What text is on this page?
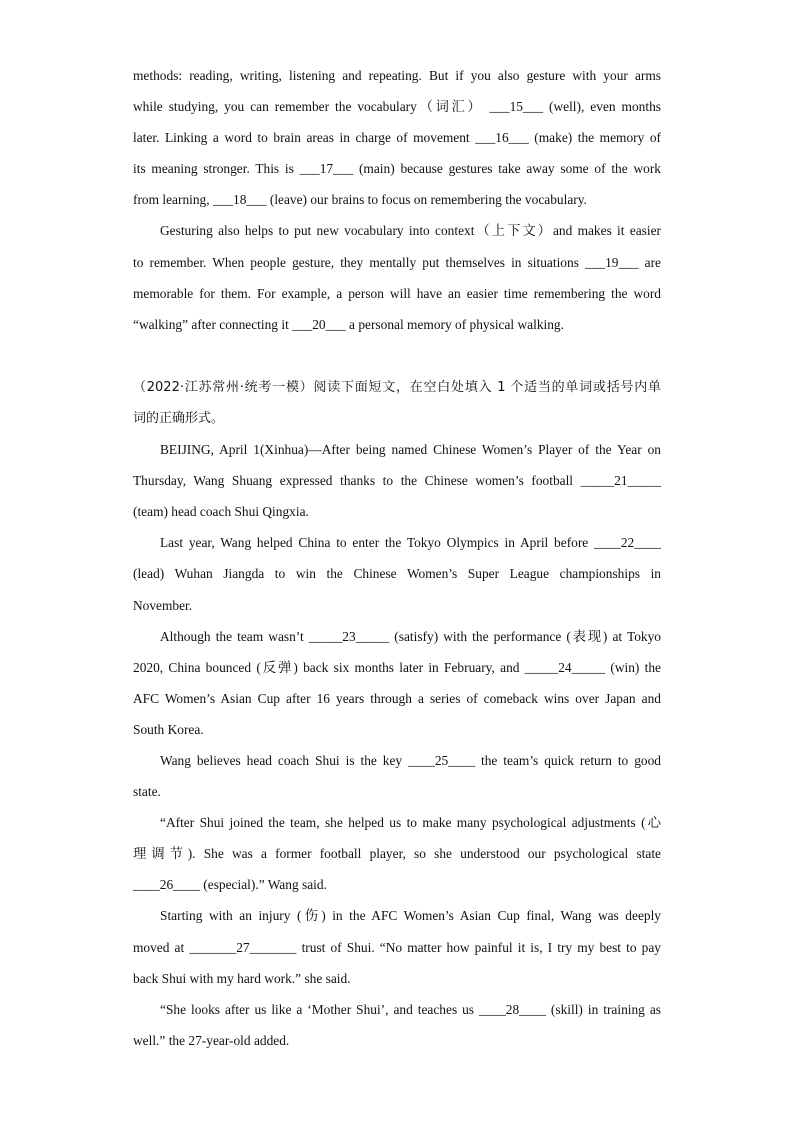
methods: reading, writing, listening and repeating. But if you also gesture with your arms
while studying, you can remember the vocabulary（词汇） ___15___ (well), even months
later. Linking a word to brain areas in charge of movement ___16___ (make) the memory of
its meaning stronger. This is ___17___ (main) because gestures take away some of the work
from learning, ___18___ (leave) our brains to focus on remembering the vocabulary.
Gesturing also helps to put new vocabulary into context（上下文）and makes it easier
to remember. When people gesture, they mentally put themselves in situations ___19___ are
memorable for them. For example, a person will have an easier time remembering the word
“walking” after connecting it ___20___ a personal memory of physical walking.
（2022·江苏常州·统考一模）阅读下面短文，在空白处填入 1 个适当的单词或括号内单
词的正确形式。
BEIJING, April 1(Xinhua)—After being named Chinese Women’s Player of the Year on
Thursday, Wang Shuang expressed thanks to the Chinese women’s football _____21_____
(team) head coach Shui Qingxia.
Last year, Wang helped China to enter the Tokyo Olympics in April before ____22____
(lead) Wuhan Jiangda to win the Chinese Women’s Super League championships in
November.
Although the team wasn’t _____23_____ (satisfy) with the performance (表现) at Tokyo
2020, China bounced (反弹) back six months later in February, and _____24_____ (win) the
AFC Women’s Asian Cup after 16 years through a series of comeback wins over Japan and
South Korea.
Wang believes head coach Shui is the key ____25____ the team’s quick return to good
state.
“After Shui joined the team, she helped us to make many psychological adjustments (心
理调节). She was a former football player, so she understood our psychological state
____26____ (especial).” Wang said.
Starting with an injury (伤) in the AFC Women’s Asian Cup final, Wang was deeply
moved at _______27_______ trust of Shui. “No matter how painful it is, I try my best to pay
back Shui with my hard work.” she said.
“She looks after us like a ‘Mother Shui’, and teaches us ____28____ (skill) in training as
well.” the 27-year-old added.
